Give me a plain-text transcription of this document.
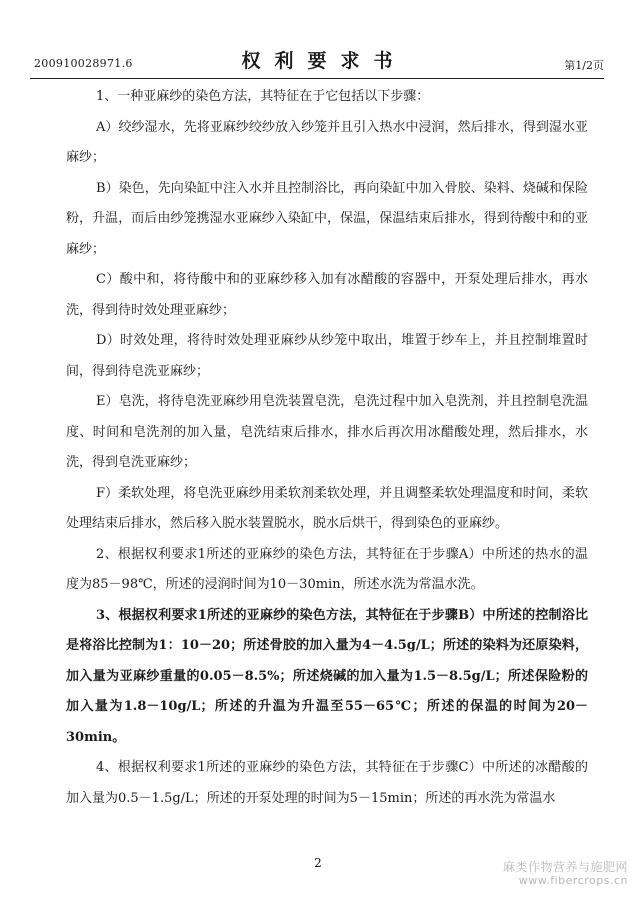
200910028971.6	权利要求书	第1/2页

1、一种亚麻纱的染色方法，其特征在于它包括以下步骤：

A）绞纱湿水，先将亚麻纱绞纱放入纱笼并且引入热水中浸润，然后排水，得到湿水亚麻纱；

B）染色，先向染缸中注入水并且控制浴比，再向染缸中加入骨胶、染料、烧碱和保险粉，升温，而后由纱笼携湿水亚麻纱入染缸中，保温，保温结束后排水，得到待酸中和的亚麻纱；

C）酸中和，将待酸中和的亚麻纱移入加有冰醋酸的容器中，开泵处理后排水，再水洗，得到待时效处理亚麻纱；

D）时效处理，将待时效处理亚麻纱从纱笼中取出，堆置于纱车上，并且控制堆置时间，得到待皂洗亚麻纱；

E）皂洗，将待皂洗亚麻纱用皂洗装置皂洗，皂洗过程中加入皂洗剂，并且控制皂洗温度、时间和皂洗剂的加入量，皂洗结束后排水，排水后再次用冰醋酸处理，然后排水，水洗，得到皂洗亚麻纱；

F）柔软处理，将皂洗亚麻纱用柔软剂柔软处理，并且调整柔软处理温度和时间，柔软处理结束后排水，然后移入脱水装置脱水，脱水后烘干，得到染色的亚麻纱。

2、根据权利要求1所述的亚麻纱的染色方法，其特征在于步骤A）中所述的热水的温度为85－98℃，所述的浸润时间为10－30min，所述水洗为常温水洗。

3、根据权利要求1所述的亚麻纱的染色方法，其特征在于步骤B）中所述的控制浴比是将浴比控制为1：10－20；所述骨胶的加入量为4－4.5g/L；所述的染料为还原染料，加入量为亚麻纱重量的0.05－8.5%；所述烧碱的加入量为1.5－8.5g/L；所述保险粉的加入量为1.8－10g/L；所述的升温为升温至55－65℃；所述的保温的时间为20－30min。

4、根据权利要求1所述的亚麻纱的染色方法，其特征在于步骤C）中所述的冰醋酸的加入量为0.5－1.5g/L；所述的开泵处理的时间为5－15min；所述的再水洗为常温水

2	麻类作物营养与施肥网
www.fibercrops.cn
